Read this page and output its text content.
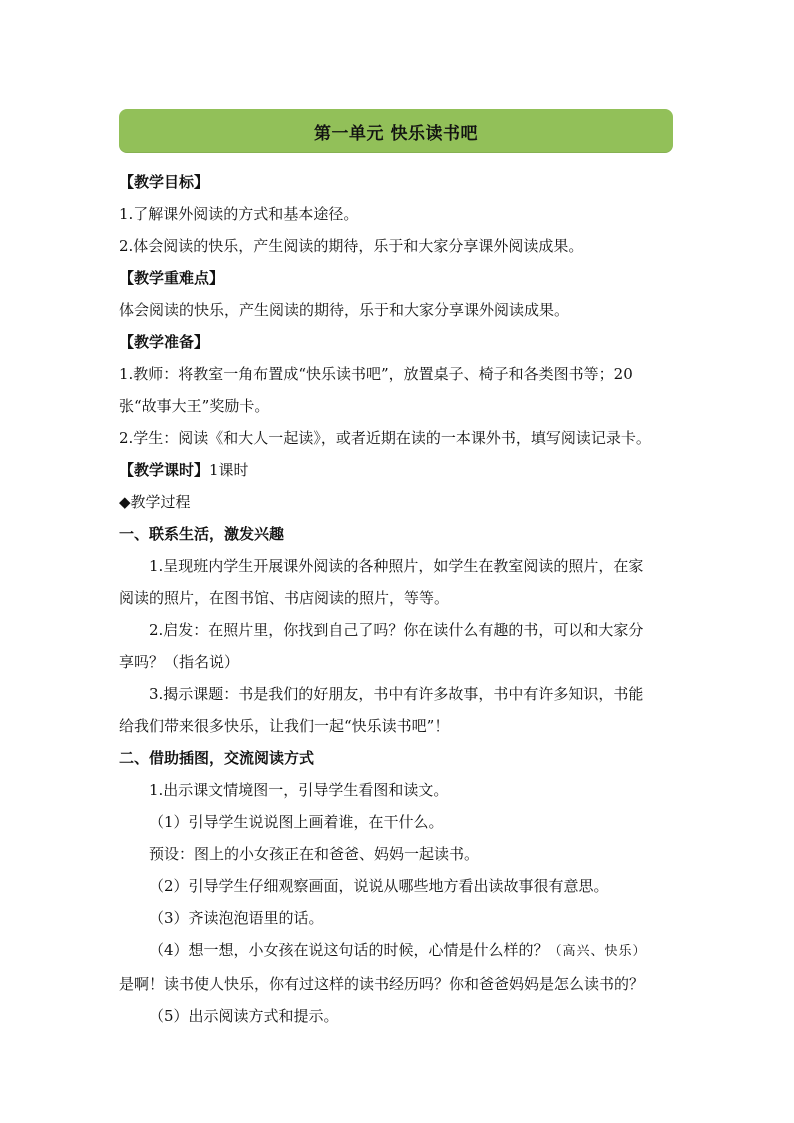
第一单元 快乐读书吧

【教学目标】

1.了解课外阅读的方式和基本途径。

2.体会阅读的快乐，产生阅读的期待，乐于和大家分享课外阅读成果。

【教学重难点】

体会阅读的快乐，产生阅读的期待，乐于和大家分享课外阅读成果。

【教学准备】

1.教师：将教室一角布置成“快乐读书吧”，放置桌子、椅子和各类图书等；20

张“故事大王”奖励卡。

2.学生：阅读《和大人一起读》，或者近期在读的一本课外书，填写阅读记录卡。

【教学课时】1课时

◆教学过程

一、联系生活，激发兴趣

1.呈现班内学生开展课外阅读的各种照片，如学生在教室阅读的照片，在家

阅读的照片，在图书馆、书店阅读的照片，等等。

2.启发：在照片里，你找到自己了吗？你在读什么有趣的书，可以和大家分

享吗？（指名说）

3.揭示课题：书是我们的好朋友，书中有许多故事，书中有许多知识，书能

给我们带来很多快乐，让我们一起“快乐读书吧”！

二、借助插图，交流阅读方式

1.出示课文情境图一，引导学生看图和读文。

（1）引导学生说说图上画着谁，在干什么。

预设：图上的小女孩正在和爸爸、妈妈一起读书。

（2）引导学生仔细观察画面，说说从哪些地方看出读故事很有意思。

（3）齐读泡泡语里的话。

（4）想一想，小女孩在说这句话的时候，心情是什么样的？（高兴、快乐）

是啊！读书使人快乐，你有过这样的读书经历吗？你和爸爸妈妈是怎么读书的？

（5）出示阅读方式和提示。
